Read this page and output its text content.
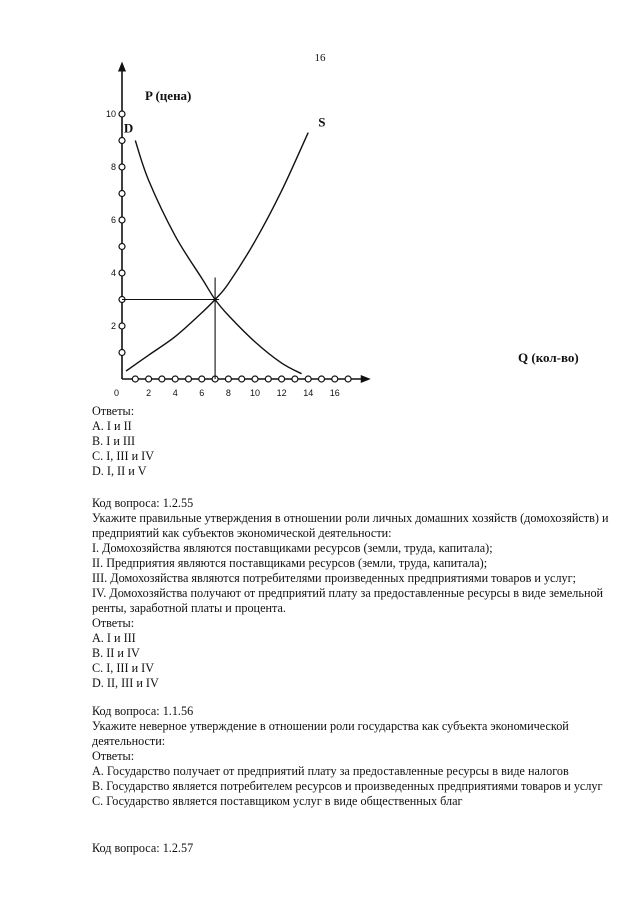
16
P (цена)
Q (кол-во)
0	2 4 6 8 10 12 14 16
2
4
6
8
10
D	S
Ответы:
A. I и II
B. I и III
C. I, III и IV
D. I, II и V
Код вопроса: 1.2.55
Укажите правильные утверждения в отношении роли личных домашних хозяйств (домохозяйств) и предприятий как субъектов экономической деятельности:
I. Домохозяйства являются поставщиками ресурсов (земли, труда, капитала);
II. Предприятия являются поставщиками ресурсов (земли, труда, капитала);
III. Домохозяйства являются потребителями произведенных предприятиями товаров и услуг;
IV. Домохозяйства получают от предприятий плату за предоставленные ресурсы в виде земельной ренты, заработной платы и процента.
Ответы:
A. I и III
B. II и IV
C. I, III и IV
D. II, III и IV
Код вопроса: 1.1.56
Укажите неверное утверждение в отношении роли государства как субъекта экономической деятельности:
Ответы:
A. Государство получает от предприятий плату за предоставленные ресурсы в виде налогов
B. Государство является потребителем ресурсов и произведенных предприятиями товаров и услуг
C. Государство является поставщиком услуг в виде общественных благ
Код вопроса: 1.2.57
